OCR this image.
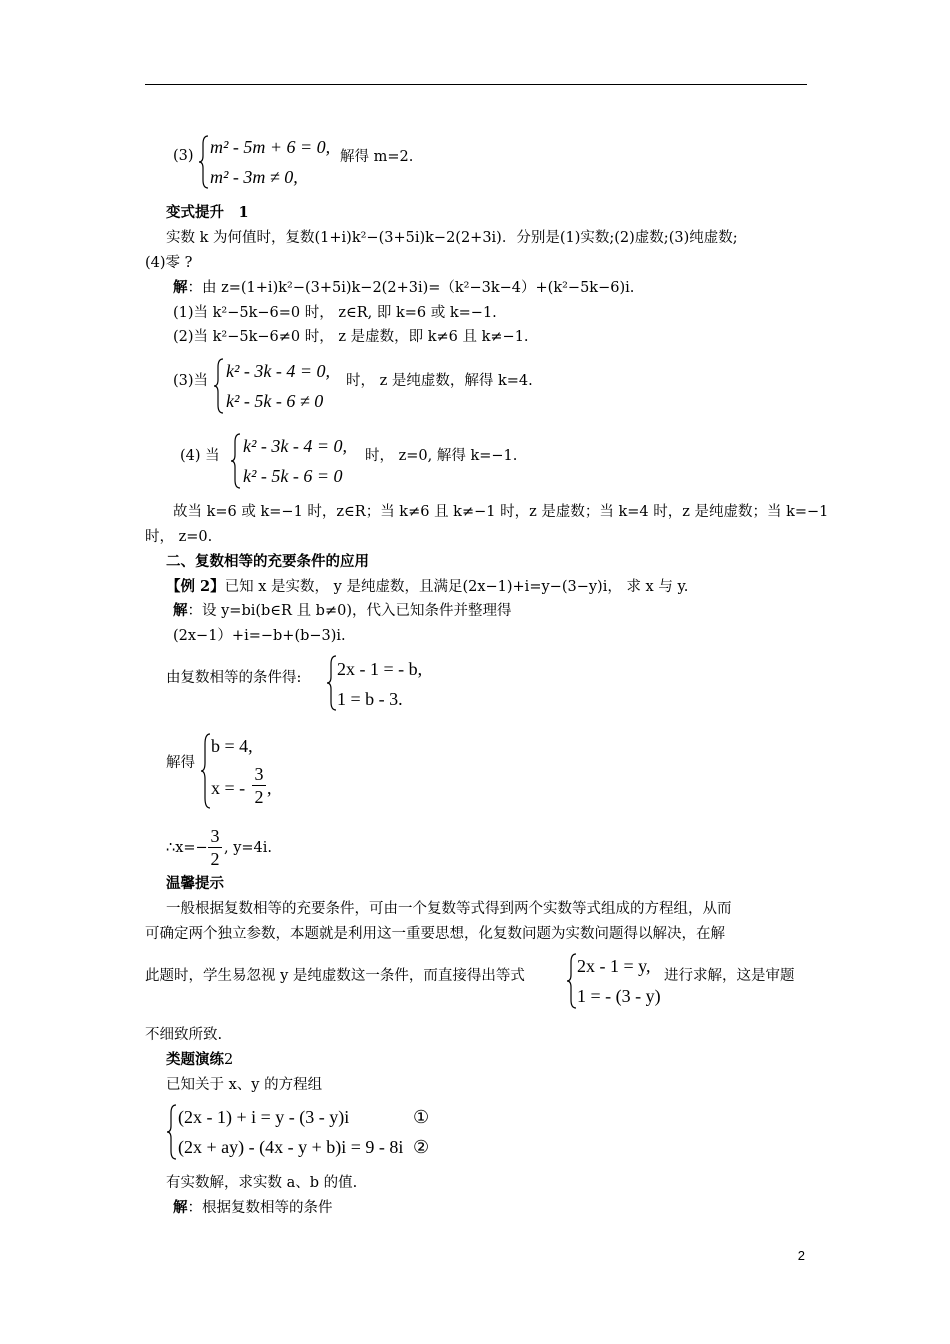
(3) m² - 5m + 6 = 0,
m² - 3m ≠ 0,
解得 m=2.
变式提升　1
实数 k 为何值时，复数(1+i)k²−(3+5i)k−2(2+3i)．分别是(1)实数;(2)虚数;(3)纯虚数;
(4)零 ?
解：由 z=(1+i)k²−(3+5i)k−2(2+3i)=（k²−3k−4）+(k²−5k−6)i.
(1)当 k²−5k−6=0 时， z∈R, 即 k=6 或 k=−1.
(2)当 k²−5k−6≠0 时， z 是虚数，即 k≠6 且 k≠−1.
(3)当 k² - 3k - 4 = 0,
k² - 5k - 6 ≠ 0
时， z 是纯虚数，解得 k=4.
(4) 当 k² - 3k - 4 = 0,
k² - 5k - 6 = 0
时， z=0, 解得 k=−1.
故当 k=6 或 k=−1 时，z∈R；当 k≠6 且 k≠−1 时，z 是虚数；当 k=4 时，z 是纯虚数；当 k=−1
时， z=0.
二、复数相等的充要条件的应用
【例 2】已知 x 是实数， y 是纯虚数，且满足(2x−1)+i=y−(3−y)i， 求 x 与 y.
解：设 y=bi(b∈R 且 b≠0)，代入已知条件并整理得
(2x−1）+i=−b+(b−3)i.
由复数相等的条件得: 2x - 1 = - b,
1 = b - 3.
解得
b = 4,
x = -
3
2 ,
∴x=−
3
2
, y=4i.
温馨提示
一般根据复数相等的充要条件，可由一个复数等式得到两个实数等式组成的方程组，从而
可确定两个独立参数，本题就是利用这一重要思想，化复数问题为实数问题得以解决，在解
此题时，学生易忽视 y 是纯虚数这一条件，而直接得出等式	2x - 1 = y,
1 = - (3 - y)
进行求解，这是审题
不细致所致.
类题演练2
已知关于 x、y 的方程组
(2x - 1) + i = y - (3 - y)i	①
(2x + ay) - (4x - y + b)i = 9 - 8i ②
有实数解，求实数 a、b 的值.
解：根据复数相等的条件
2
